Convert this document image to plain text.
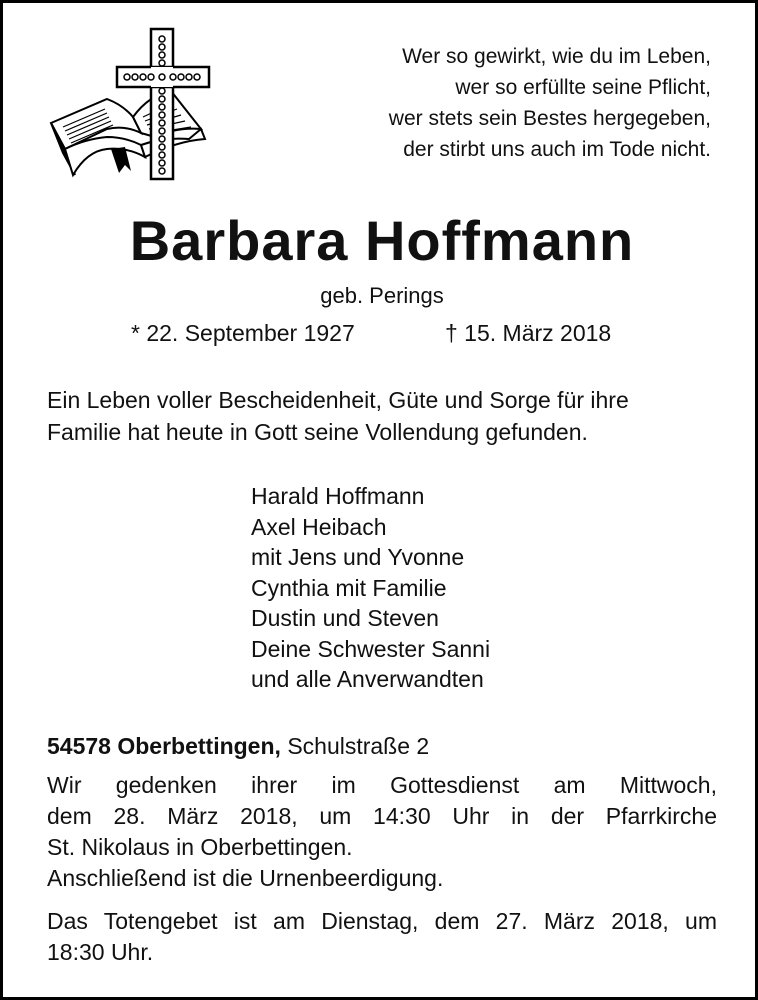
Wer so gewirkt, wie du im Leben,
wer so erfüllte seine Pflicht,
wer stets sein Bestes hergegeben,
der stirbt uns auch im Tode nicht.
Barbara Hoffmann
geb. Perings
* 22. September 1927	† 15. März 2018
Ein Leben voller Bescheidenheit, Güte und Sorge für ihre
Familie hat heute in Gott seine Vollendung gefunden.
Harald Hoffmann
Axel Heibach
mit Jens und Yvonne
Cynthia mit Familie
Dustin und Steven
Deine Schwester Sanni
und alle Anverwandten
54578 Oberbettingen, Schulstraße 2
Wir gedenken ihrer im Gottesdienst am Mittwoch,
dem 28. März 2018, um 14:30 Uhr in der Pfarrkirche
St. Nikolaus in Oberbettingen.
Anschließend ist die Urnenbeerdigung.
Das Totengebet ist am Dienstag, dem 27. März 2018, um
18:30 Uhr.
